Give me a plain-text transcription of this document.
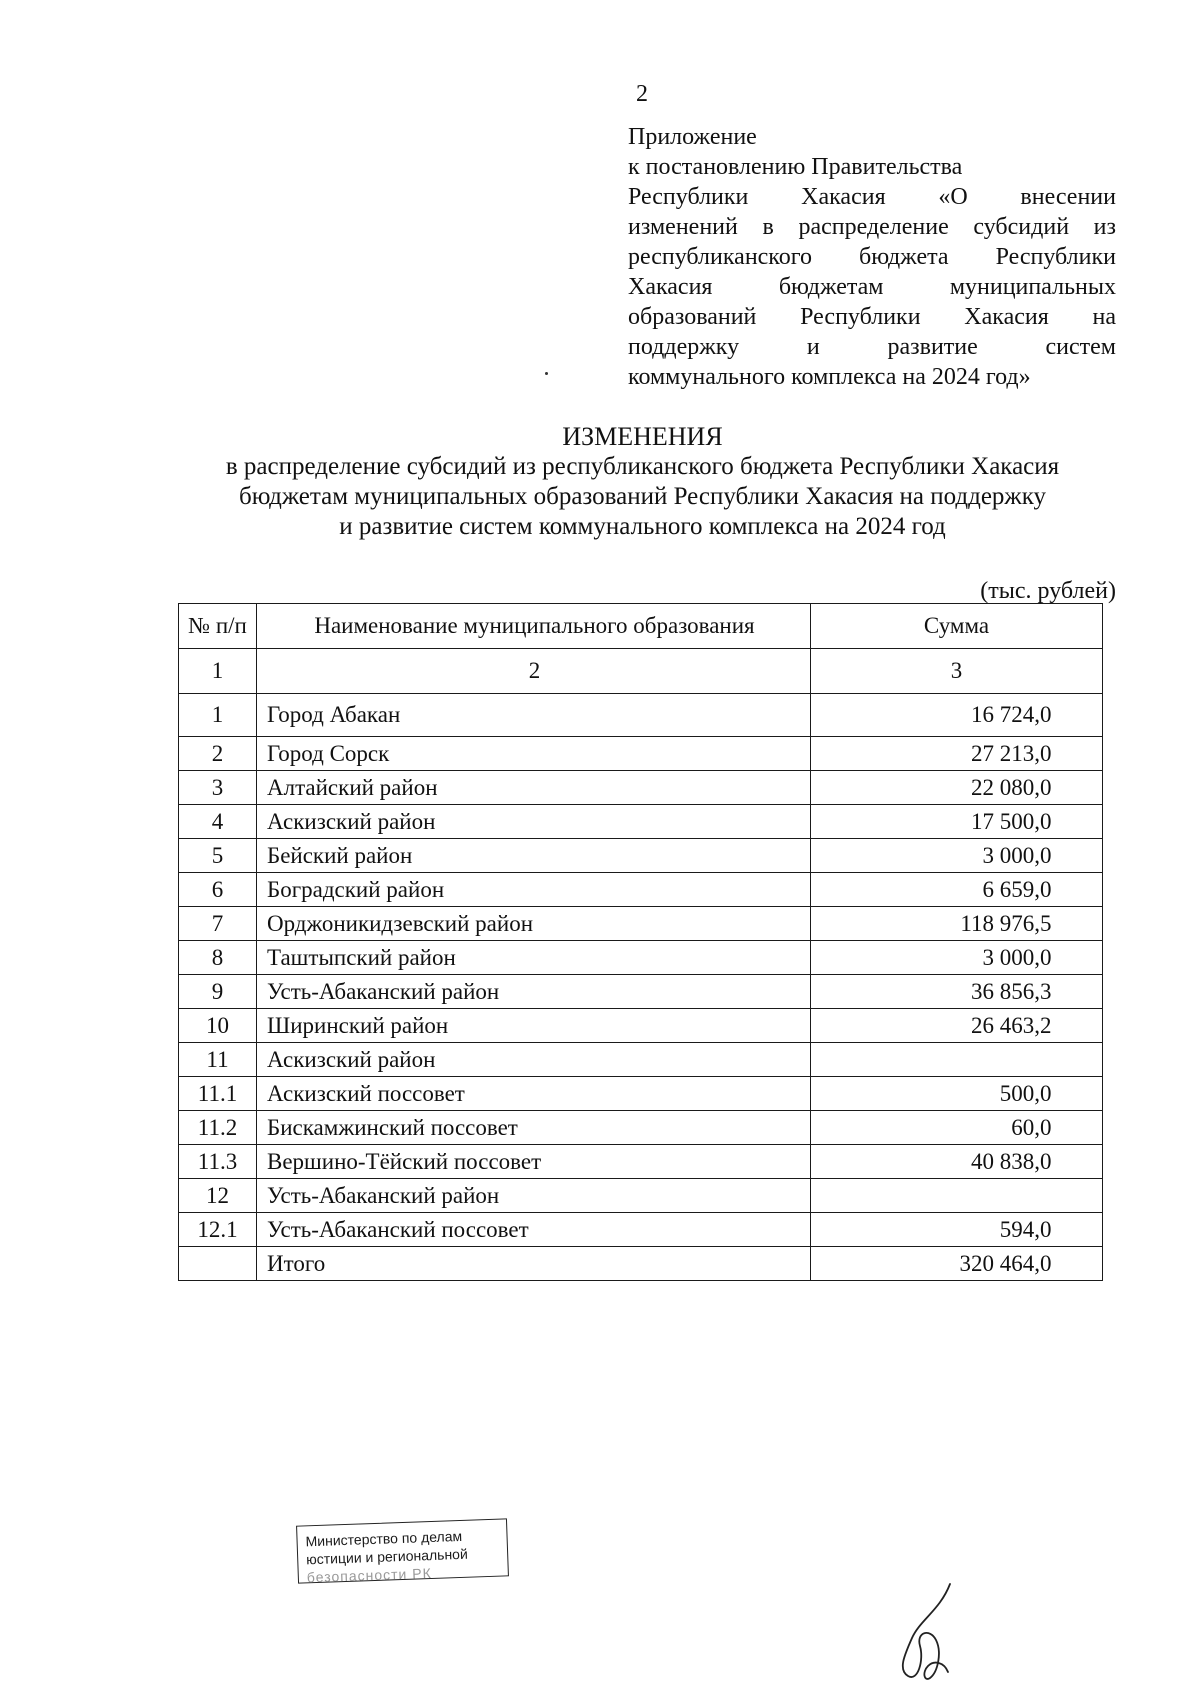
2
Приложение
к постановлению Правительства
Республики Хакасия «О внесении
изменений в распределение субсидий из
республиканского бюджета Республики
Хакасия бюджетам муниципальных
образований Республики Хакасия на
поддержку и развитие систем
коммунального комплекса на 2024 год»
ИЗМЕНЕНИЯ
в распределение субсидий из республиканского бюджета Республики Хакасия
бюджетам муниципальных образований Республики Хакасия на поддержку
и развитие систем коммунального комплекса на 2024 год
(тыс. рублей)
№ п/п	Наименование муниципального образования	Сумма
1	2	3
1	Город Абакан	16 724,0
2	Город Сорск	27 213,0
3	Алтайский район	22 080,0
4	Аскизский район	17 500,0
5	Бейский район	3 000,0
6	Боградский район	6 659,0
7	Орджоникидзевский район	118 976,5
8	Таштыпский район	3 000,0
9	Усть-Абаканский район	36 856,3
10	Ширинский район	26 463,2
11	Аскизский район	
11.1	Аскизский поссовет	500,0
11.2	Бискамжинский поссовет	60,0
11.3	Вершино-Тёйский поссовет	40 838,0
12	Усть-Абаканский район	
12.1	Усть-Абаканский поссовет	594,0
	Итого	320 464,0
Министерство по делам
юстиции и региональной
безопасности РК
